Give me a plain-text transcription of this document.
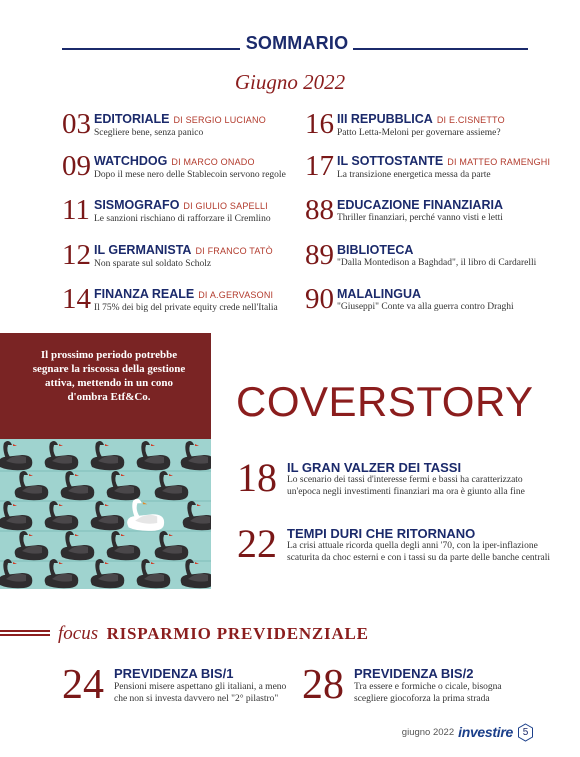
SOMMARIO
Giugno 2022
03 EDITORIALE DI SERGIO LUCIANO
Scegliere bene, senza panico
09 WATCHDOG DI MARCO ONADO
Dopo il mese nero delle Stablecoin servono regole
11 SISMOGRAFO DI GIULIO SAPELLI
Le sanzioni rischiano di rafforzare il Cremlino
12 IL GERMANISTA DI FRANCO TATÒ
Non sparate sul soldato Scholz
14 FINANZA REALE DI A.GERVASONI
Il 75% dei big del private equity crede nell'Italia
16 III REPUBBLICA DI E.CISNETTO
Patto Letta-Meloni per governare assieme?
17 IL SOTTOSTANTE DI MATTEO RAMENGHI
La transizione energetica messa da parte
88 EDUCAZIONE FINANZIARIA
Thriller finanziari, perché vanno visti e letti
89 BIBLIOTECA
"Dalla Montedison a Baghdad", il libro di Cardarelli
90 MALALINGUA
"Giuseppi" Conte va alla guerra contro Draghi
Il prossimo periodo potrebbe segnare la riscossa della gestione attiva, mettendo in un cono d'ombra Etf&Co.	COVERSTORY
18 IL GRAN VALZER DEI TASSI
Lo scenario dei tassi d'interesse fermi e bassi ha caratterizzato
un'epoca negli investimenti finanziari ma ora è giunto alla fine
22 TEMPI DURI CHE RITORNANO
La crisi attuale ricorda quella degli anni '70, con la iper-inflazione
scaturita da choc esterni e con i tassi su da parte delle banche centrali
focus RISPARMIO PREVIDENZIALE
24 PREVIDENZA BIS/1
Pensioni misere aspettano gli italiani, a meno
che non si investa davvero nel "2° pilastro" 28 PREVIDENZA BIS/2
Tra essere e formiche o cicale, bisogna
scegliere giocoforza la prima strada
giugno 2022 investire 5
